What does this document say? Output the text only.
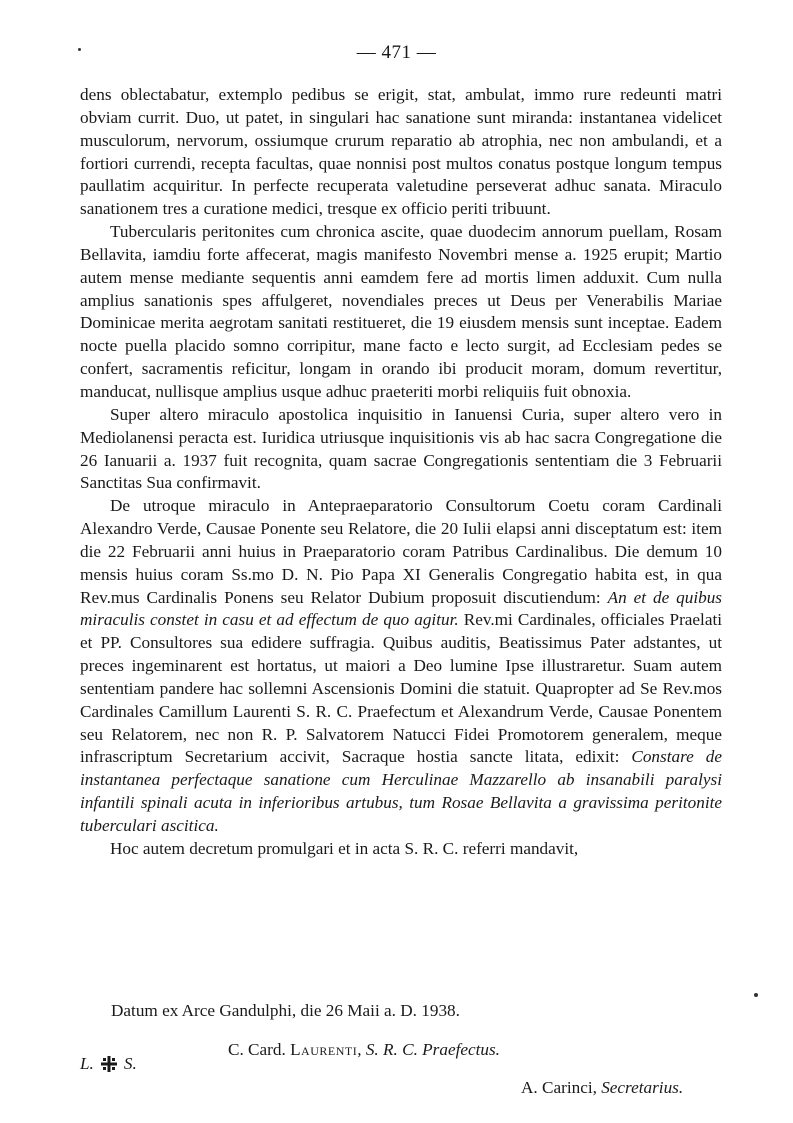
— 471 —

dens oblectabatur, extemplo pedibus se erigit, stat, ambulat, immo rure redeunti matri obviam currit. Duo, ut patet, in singulari hac sanatione sunt miranda: instantanea videlicet musculorum, nervorum, ossiumque crurum reparatio ab atrophia, nec non ambulandi, et a fortiori currendi, recepta facultas, quae nonnisi post multos conatus postque longum tempus paullatim acquiritur. In perfecte recuperata valetudine perseverat adhuc sanata. Miraculo sanationem tres a curatione medici, tresque ex officio periti tribuunt.

Tubercularis peritonites cum chronica ascite, quae duodecim annorum puellam, Rosam Bellavita, iamdiu forte affecerat, magis manifesto Novembri mense a. 1925 erupit; Martio autem mense mediante sequentis anni eamdem fere ad mortis limen adduxit. Cum nulla amplius sanationis spes affulgeret, novendiales preces ut Deus per Venerabilis Mariae Dominicae merita aegrotam sanitati restitueret, die 19 eiusdem mensis sunt inceptae. Eadem nocte puella placido somno corripitur, mane facto e lecto surgit, ad Ecclesiam pedes se confert, sacramentis reficitur, longam in orando ibi producit moram, domum revertitur, manducat, nullisque amplius usque adhuc praeteriti morbi reliquiis fuit obnoxia.

Super altero miraculo apostolica inquisitio in Ianuensi Curia, super altero vero in Mediolanensi peracta est. Iuridica utriusque inquisitionis vis ab hac sacra Congregatione die 26 Ianuarii a. 1937 fuit recognita, quam sacrae Congregationis sententiam die 3 Februarii Sanctitas Sua confirmavit.

De utroque miraculo in Antepraeparatorio Consultorum Coetu coram Cardinali Alexandro Verde, Causae Ponente seu Relatore, die 20 Iulii elapsi anni disceptatum est: item die 22 Februarii anni huius in Praeparatorio coram Patribus Cardinalibus. Die demum 10 mensis huius coram Ss.mo D. N. Pio Papa XI Generalis Congregatio habita est, in qua Rev.mus Cardinalis Ponens seu Relator Dubium proposuit discutiendum: An et de quibus miraculis constet in casu et ad effectum de quo agitur. Rev.mi Cardinales, officiales Praelati et PP. Consultores sua edidere suffragia. Quibus auditis, Beatissimus Pater adstantes, ut preces ingeminarent est hortatus, ut maiori a Deo lumine Ipse illustraretur. Suam autem sententiam pandere hac sollemni Ascensionis Domini die statuit. Quapropter ad Se Rev.mos Cardinales Camillum Laurenti S. R. C. Praefectum et Alexandrum Verde, Causae Ponentem seu Relatorem, nec non R. P. Salvatorem Natucci Fidei Promotorem generalem, meque infrascriptum Secretarium accivit, Sacraque hostia sancte litata, edixit: Constare de instantanea perfectaque sanatione cum Herculinae Mazzarello ab insanabili paralysi infantili spinali acuta in inferioribus artubus, tum Rosae Bellavita a gravissima peritonite tuberculari ascitica.

Hoc autem decretum promulgari et in acta S. R. C. referri mandavit,

Datum ex Arce Gandulphi, die 26 Maii a. D. 1938.
C. Card. Laurenti, S. R. C. Praefectus.
L. S.
A. Carinci, Secretarius.
